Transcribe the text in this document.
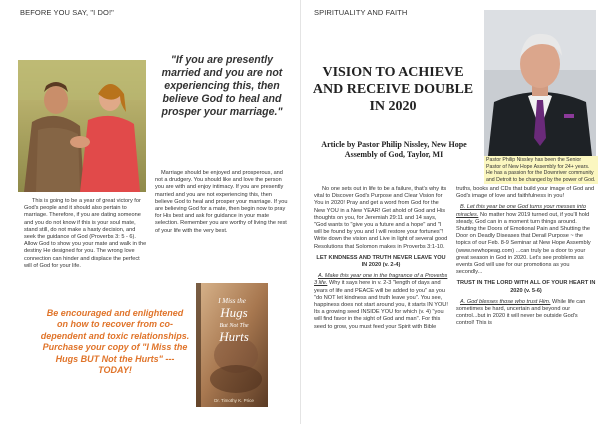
BEFORE YOU SAY, "I DO!"
This is going to be a year of great victory for God's people and it should also pertain to marriage. Therefore, if you are dating someone and you do not know if this is your soul mate, stand still, do not make a hasty decision, and seek the guidance of God (Proverbs 3: 5 - 6). Allow God to show you your mate and walk in the destiny He designed for you. The wrong love connection can hinder and displace the perfect will of God for your life.
"If you are presently married and you are not experiencing this, then believe God to heal and prosper your marriage."
Marriage should be enjoyed and prosperous, and not a drudgery. You should like and love the person you are with and enjoy intimacy. If you are presently married and you are not experiencing this, then believe God to heal and prosper your marriage. If you are believing God for a mate, then begin now to pray for His best and ask for guidance in your mate selection. Remember you are worthy of living the rest of your life with the very best.
Be encouraged and enlightened on how to recover from co-dependent and toxic relationships. Purchase your copy of "I Miss the Hugs BUT Not the Hurts" --- TODAY!
I Miss the
Hugs
But Not The
Hurts
Dr. Timothy K. Price
SPIRITUALITY AND FAITH
VISION TO ACHIEVE AND RECEIVE DOUBLE IN 2020
Article by Pastor Philip Nissley, New Hope Assembly of God, Taylor, MI
Pastor Philip Nissley has been the Senior Pastor of New Hope Assembly for 24+ years. He has a passion for the Downriver community and Detroit to be changed by the power of God.

No one sets out in life to be a failure, that's why its vital to Discover God's Purpose and Clear Vision for You in 2020! Pray and get a word from God for the New YOU in a New YEAR! Get ahold of God and His thoughts on you, for Jeremiah 29:11 and 14 says, "God wants to "give you a future and a hope" and "I will be found by you and I will restore your fortunes"! Write down the vision and Live in light of several good Resolutions that Solomon makes in Proverbs 3:1-10.

LET KINDNESS AND TRUTH NEVER LEAVE YOU IN 2020 (v. 2-4)

A. Make this year one in the fragrance of a Proverbs 3 life. Why it says here in v. 2-3 "length of days and years of life and PEACE will be added to you" as you "do NOT let kindness and truth leave you". You see, happiness does not start around you, it starts IN YOU! Its a growing seed INSIDE YOU for which (v. 4) "you will find favor in the sight of God and man". For this seed to grow, you must feed your Spirit with Bible

truths, books and CDs that build your image of God and God's image of love and faithfulness in you!

B. Let this year be one God turns your messes into miracles. No matter how 2019 turned out, if you'll hold steady, God can in a moment turn things around. Shutting the Doors of Emotional Pain and Shutting the Door on Deadly Diseases that Derail Purpose ~ the topics of our Feb. 8-9 Seminar at New Hope Assembly (www.newhopeag.com) ...can truly be a door to your great season in God in 2020. Let's see problems as events God will use for our promotions as you secondly...

TRUST IN THE LORD WITH ALL OF YOUR HEART IN 2020 (v. 5-6)

A. God blesses those who trust Him. While life can sometimes be hard, uncertain and beyond our control...but in 2020 it will never be outside God's control! This is
